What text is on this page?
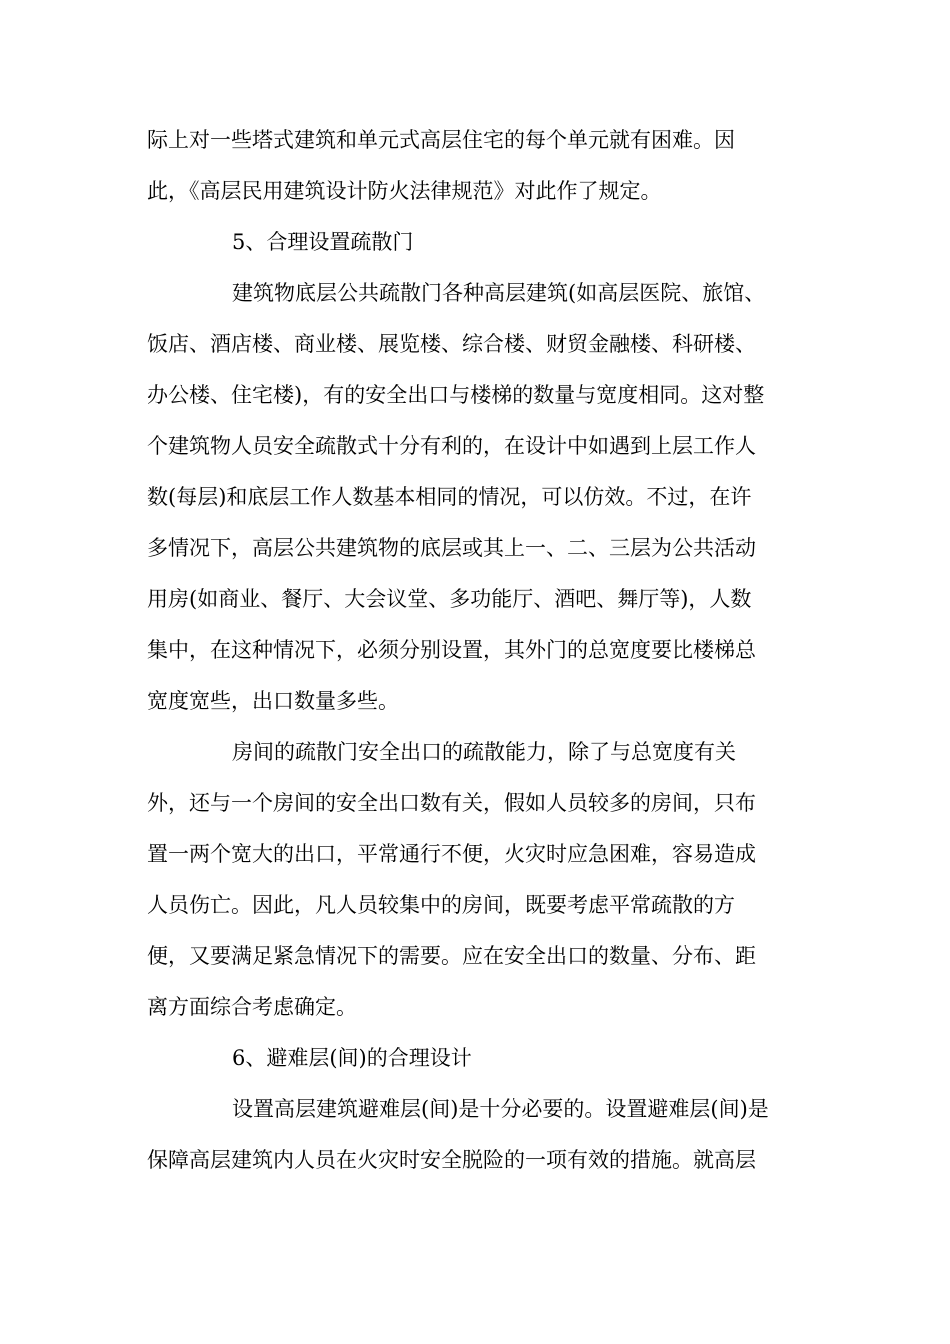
际上对一些塔式建筑和单元式高层住宅的每个单元就有困难。因

此，《高层民用建筑设计防火法律规范》对此作了规定。

5、合理设置疏散门

建筑物底层公共疏散门各种高层建筑(如高层医院、旅馆、

饭店、酒店楼、商业楼、展览楼、综合楼、财贸金融楼、科研楼、

办公楼、住宅楼)，有的安全出口与楼梯的数量与宽度相同。这对整

个建筑物人员安全疏散式十分有利的，在设计中如遇到上层工作人

数(每层)和底层工作人数基本相同的情况，可以仿效。不过，在许

多情况下，高层公共建筑物的底层或其上一、二、三层为公共活动

用房(如商业、餐厅、大会议堂、多功能厅、酒吧、舞厅等)，人数

集中，在这种情况下，必须分别设置，其外门的总宽度要比楼梯总

宽度宽些，出口数量多些。

房间的疏散门安全出口的疏散能力，除了与总宽度有关

外，还与一个房间的安全出口数有关，假如人员较多的房间，只布

置一两个宽大的出口，平常通行不便，火灾时应急困难，容易造成

人员伤亡。因此，凡人员较集中的房间，既要考虑平常疏散的方

便，又要满足紧急情况下的需要。应在安全出口的数量、分布、距

离方面综合考虑确定。

6、避难层(间)的合理设计

设置高层建筑避难层(间)是十分必要的。设置避难层(间)是

保障高层建筑内人员在火灾时安全脱险的一项有效的措施。就高层
